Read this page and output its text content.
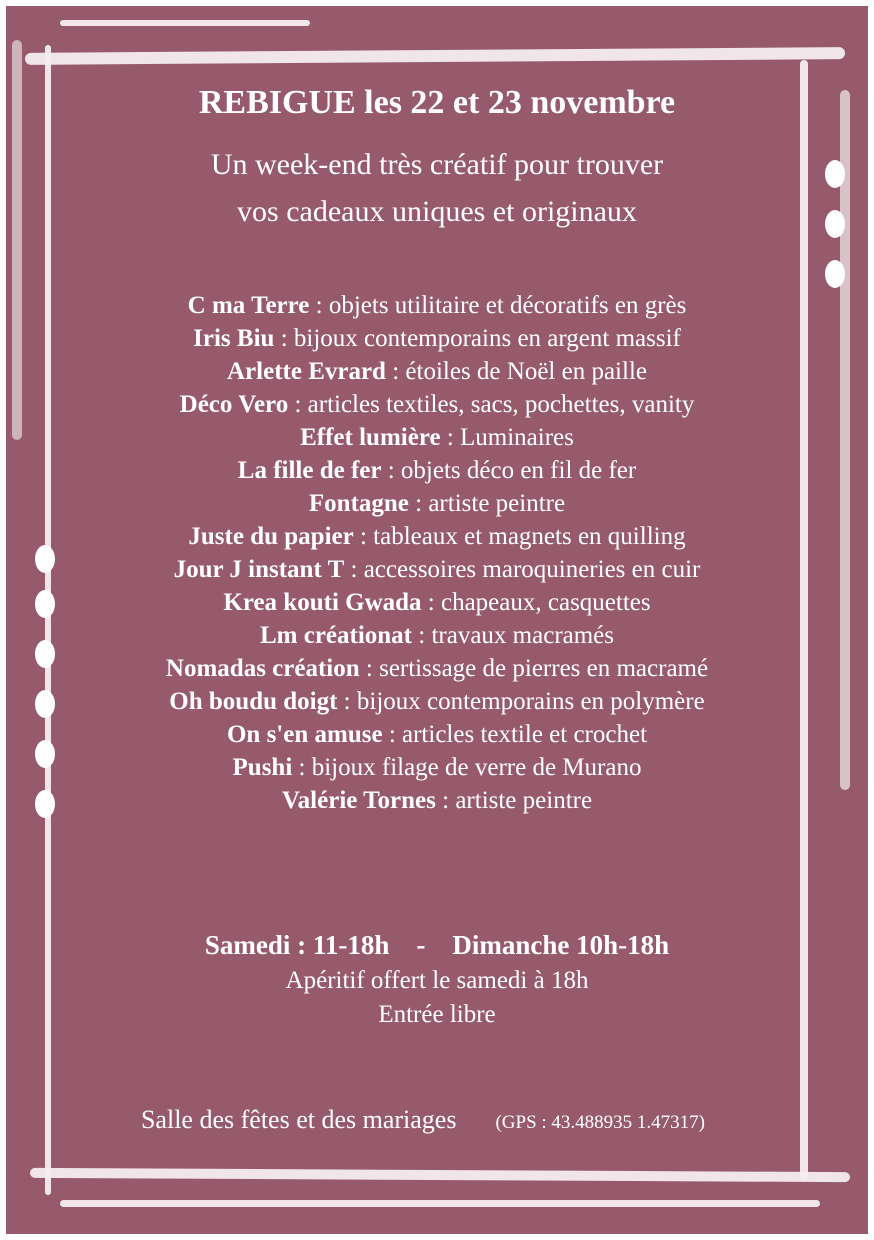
REBIGUE les 22 et 23 novembre
Un week-end très créatif pour trouver
vos cadeaux uniques et originaux
C ma Terre : objets utilitaire et décoratifs en grès
Iris Biu : bijoux contemporains en argent massif
Arlette Evrard : étoiles de Noël en paille
Déco Vero : articles textiles, sacs, pochettes, vanity
Effet lumière : Luminaires
La fille de fer : objets déco en fil de fer
Fontagne : artiste peintre
Juste du papier : tableaux et magnets en quilling
Jour J instant T : accessoires maroquineries en cuir
Krea kouti Gwada : chapeaux, casquettes
Lm créationat : travaux macramés
Nomadas création : sertissage de pierres en macramé
Oh boudu doigt : bijoux contemporains en polymère
On s'en amuse : articles textile et crochet
Pushi : bijoux filage de verre de Murano
Valérie Tornes : artiste peintre
Samedi : 11-18h - Dimanche 10h-18h
Apéritif offert le samedi à 18h
Entrée libre
Salle des fêtes et des mariages (GPS : 43.488935 1.47317)
